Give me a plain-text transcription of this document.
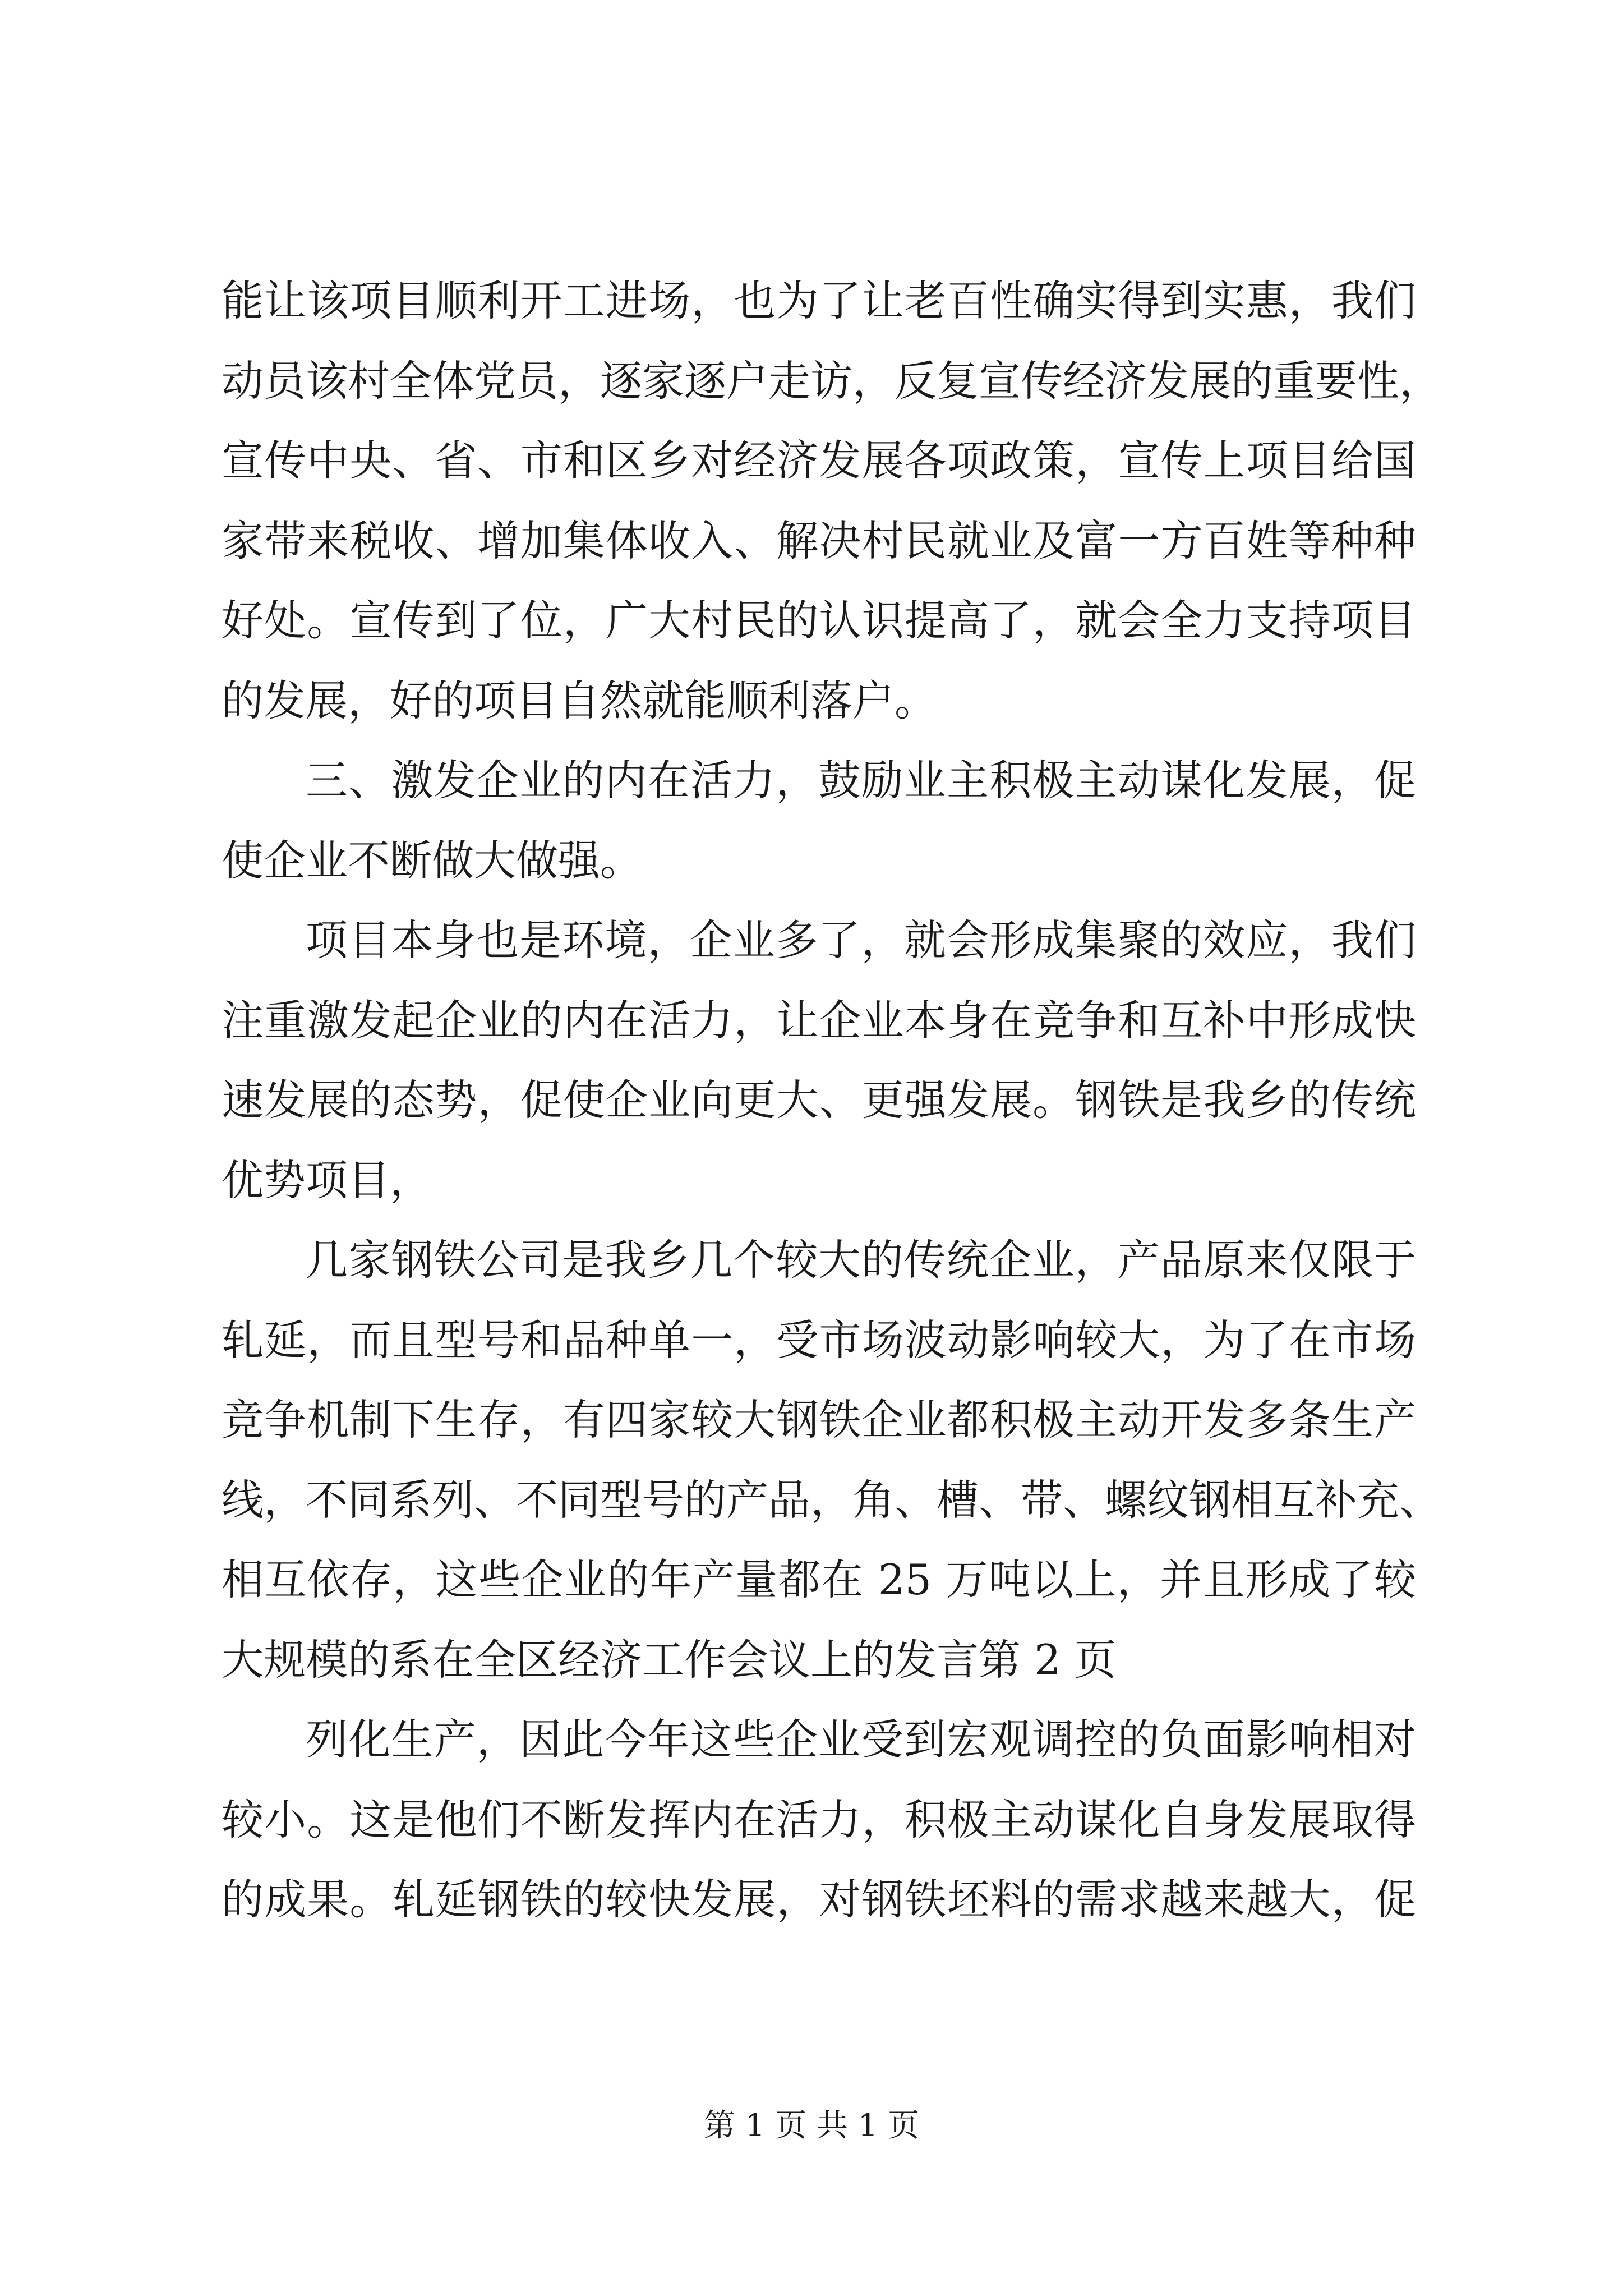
能让该项目顺利开工进场，也为了让老百性确实得到实惠，我们
动员该村全体党员，逐家逐户走访，反复宣传经济发展的重要性，
宣传中央、省、市和区乡对经济发展各项政策，宣传上项目给国
家带来税收、增加集体收入、解决村民就业及富一方百姓等种种
好处。宣传到了位，广大村民的认识提高了，就会全力支持项目
的发展，好的项目自然就能顺利落户。
三、激发企业的内在活力，鼓励业主积极主动谋化发展，促
使企业不断做大做强。
项目本身也是环境，企业多了，就会形成集聚的效应，我们
注重激发起企业的内在活力，让企业本身在竞争和互补中形成快
速发展的态势，促使企业向更大、更强发展。钢铁是我乡的传统
优势项目，
几家钢铁公司是我乡几个较大的传统企业，产品原来仅限于
轧延，而且型号和品种单一，受市场波动影响较大，为了在市场
竞争机制下生存，有四家较大钢铁企业都积极主动开发多条生产
线，不同系列、不同型号的产品，角、槽、带、螺纹钢相互补充、
相互依存，这些企业的年产量都在 25 万吨以上，并且形成了较
大规模的系在全区经济工作会议上的发言第 2 页
列化生产，因此今年这些企业受到宏观调控的负面影响相对
较小。这是他们不断发挥内在活力，积极主动谋化自身发展取得
的成果。轧延钢铁的较快发展，对钢铁坯料的需求越来越大，促
第 1 页 共 1 页
